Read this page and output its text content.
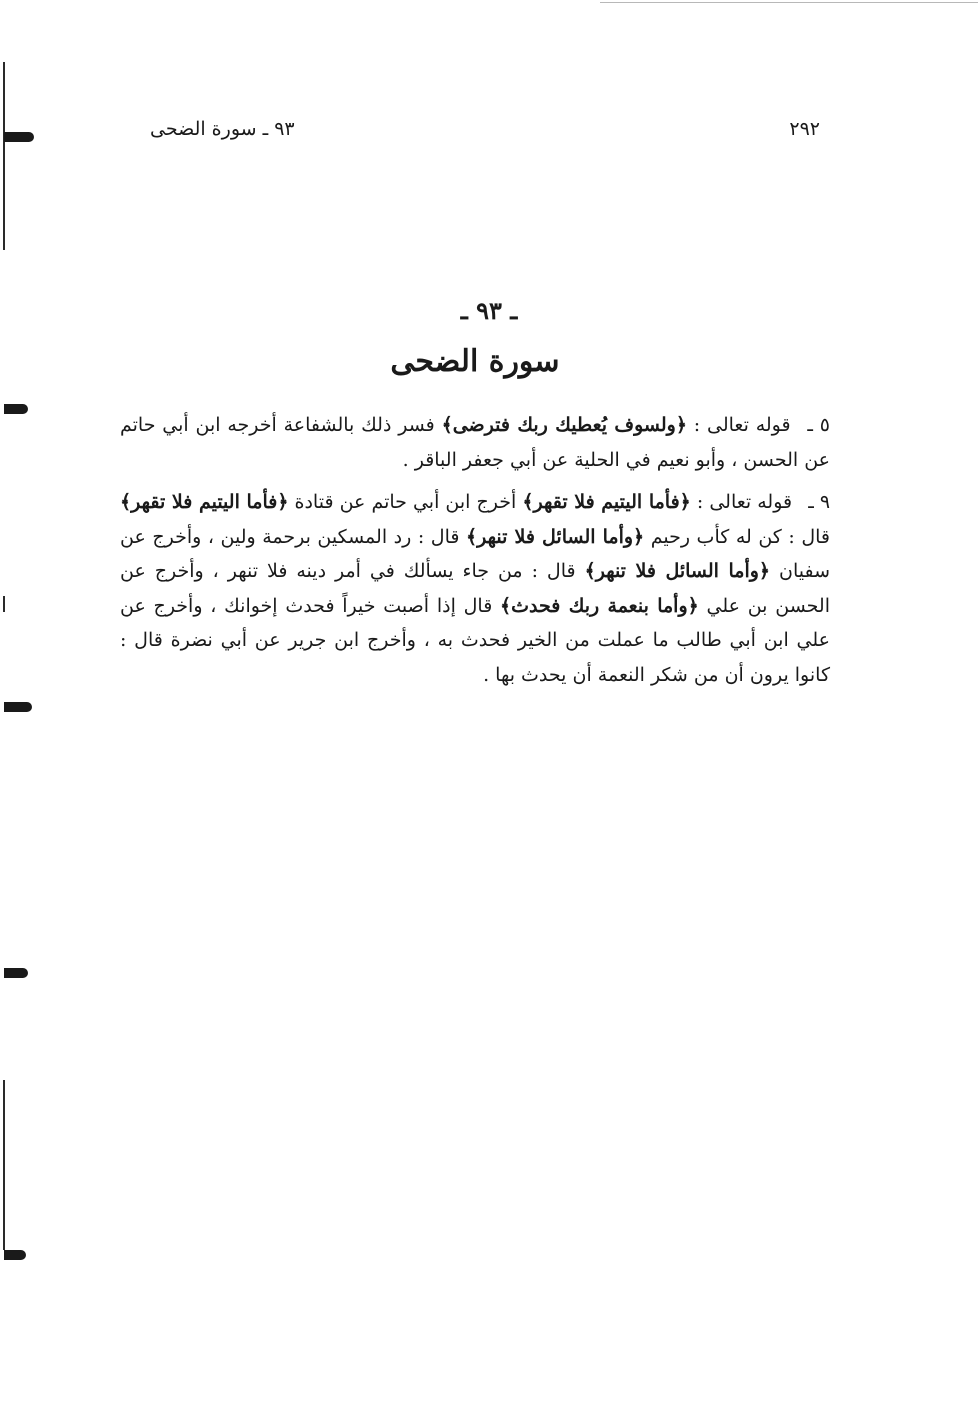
٢٩٢
٩٣ ـ سورة الضحى
ـ ٩٣ ـ
سورة الضحى

٥ ـ قوله تعالى : ﴿ولسوف يُعطيك ربك فترضى﴾ فسر ذلك بالشفاعة أخرجه ابن أبي حاتم عن الحسن ، وأبو نعيم في الحلية عن أبي جعفر الباقر .

٩ ـ قوله تعالى : ﴿فأما اليتيم فلا تقهر﴾ أخرج ابن أبي حاتم عن قتادة ﴿فأما اليتيم فلا تقهر﴾ قال : كن له كأب رحيم ﴿وأما السائل فلا تنهر﴾ قال : رد المسكين برحمة ولين ، وأخرج عن سفيان ﴿وأما السائل فلا تنهر﴾ قال : من جاء يسألك في أمر دينه فلا تنهر ، وأخرج عن الحسن بن علي ﴿وأما بنعمة ربك فحدث﴾ قال إذا أصبت خيراً فحدث إخوانك ، وأخرج عن علي ابن أبي طالب ما عملت من الخير فحدث به ، وأخرج ابن جرير عن أبي نضرة قال : كانوا يرون أن من شكر النعمة أن يحدث بها .
